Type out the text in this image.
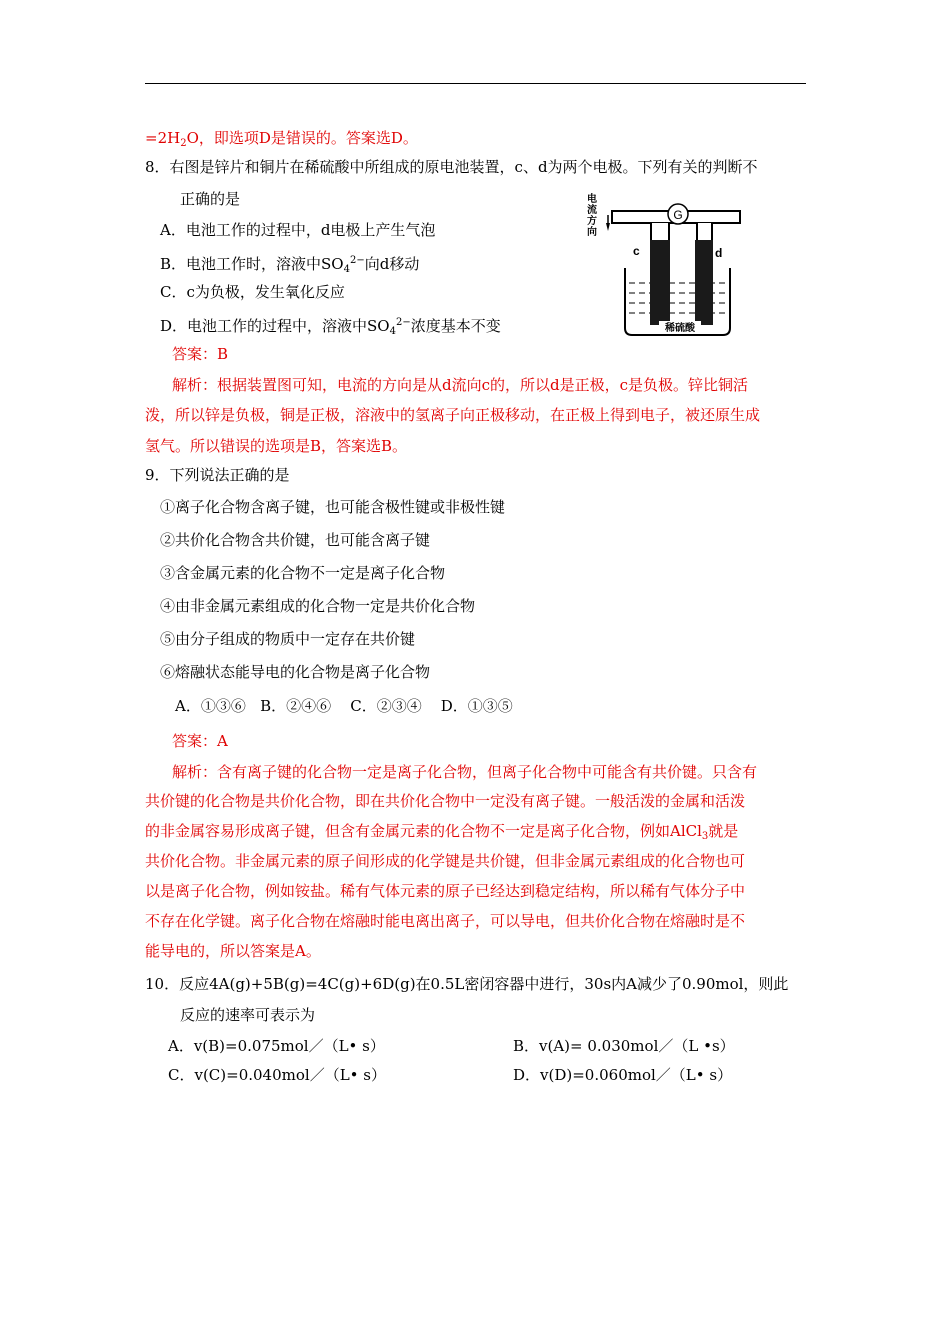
$=2H_2O$，即选项D是错误的。答案选D。
8．右图是锌片和铜片在稀硫酸中所组成的原电池装置，c、d为两个电极。下列有关的判断不
正确的是
A．电池工作的过程中，d电极上产生气泡
B．电池工作时，溶液中$SO_4^{2-}$向d移动
C．c为负极，发生氧化反应
D．电池工作的过程中，溶液中$SO_4^{2-}$浓度基本不变
G
电
流
方
向
c	d
稀硫酸
答案：B
解析：根据装置图可知，电流的方向是从d流向c的，所以d是正极，c是负极。锌比铜活
泼，所以锌是负极，铜是正极，溶液中的氢离子向正极移动，在正极上得到电子，被还原生成
氢气。所以错误的选项是B，答案选B。
9．下列说法正确的是
①离子化合物含离子键，也可能含极性键或非极性键
②共价化合物含共价键，也可能含离子键
③含金属元素的化合物不一定是离子化合物
④由非金属元素组成的化合物一定是共价化合物
⑤由分子组成的物质中一定存在共价键
⑥熔融状态能导电的化合物是离子化合物
A．①③⑥   B．②④⑥    C．②③④    D．①③⑤
答案：A
解析：含有离子键的化合物一定是离子化合物，但离子化合物中可能含有共价键。只含有
共价键的化合物是共价化合物，即在共价化合物中一定没有离子键。一般活泼的金属和活泼
的非金属容易形成离子键，但含有金属元素的化合物不一定是离子化合物，例如AlCl$_3$就是
共价化合物。非金属元素的原子间形成的化学键是共价键，但非金属元素组成的化合物也可
以是离子化合物，例如铵盐。稀有气体元素的原子已经达到稳定结构，所以稀有气体分子中
不存在化学键。离子化合物在熔融时能电离出离子，可以导电，但共价化合物在熔融时是不
能导电的，所以答案是A。
10．反应4A(g)+5B(g)=4C(g)+6D(g)在0.5L密闭容器中进行，30s内A减少了0.90mol，则此
反应的速率可表示为
A．v(B)=0.075mol／（L• s）	B．v(A)= 0.030mol／（L •s）
C．v(C)=0.040mol／（L• s）	D．v(D)=0.060mol／（L• s）
